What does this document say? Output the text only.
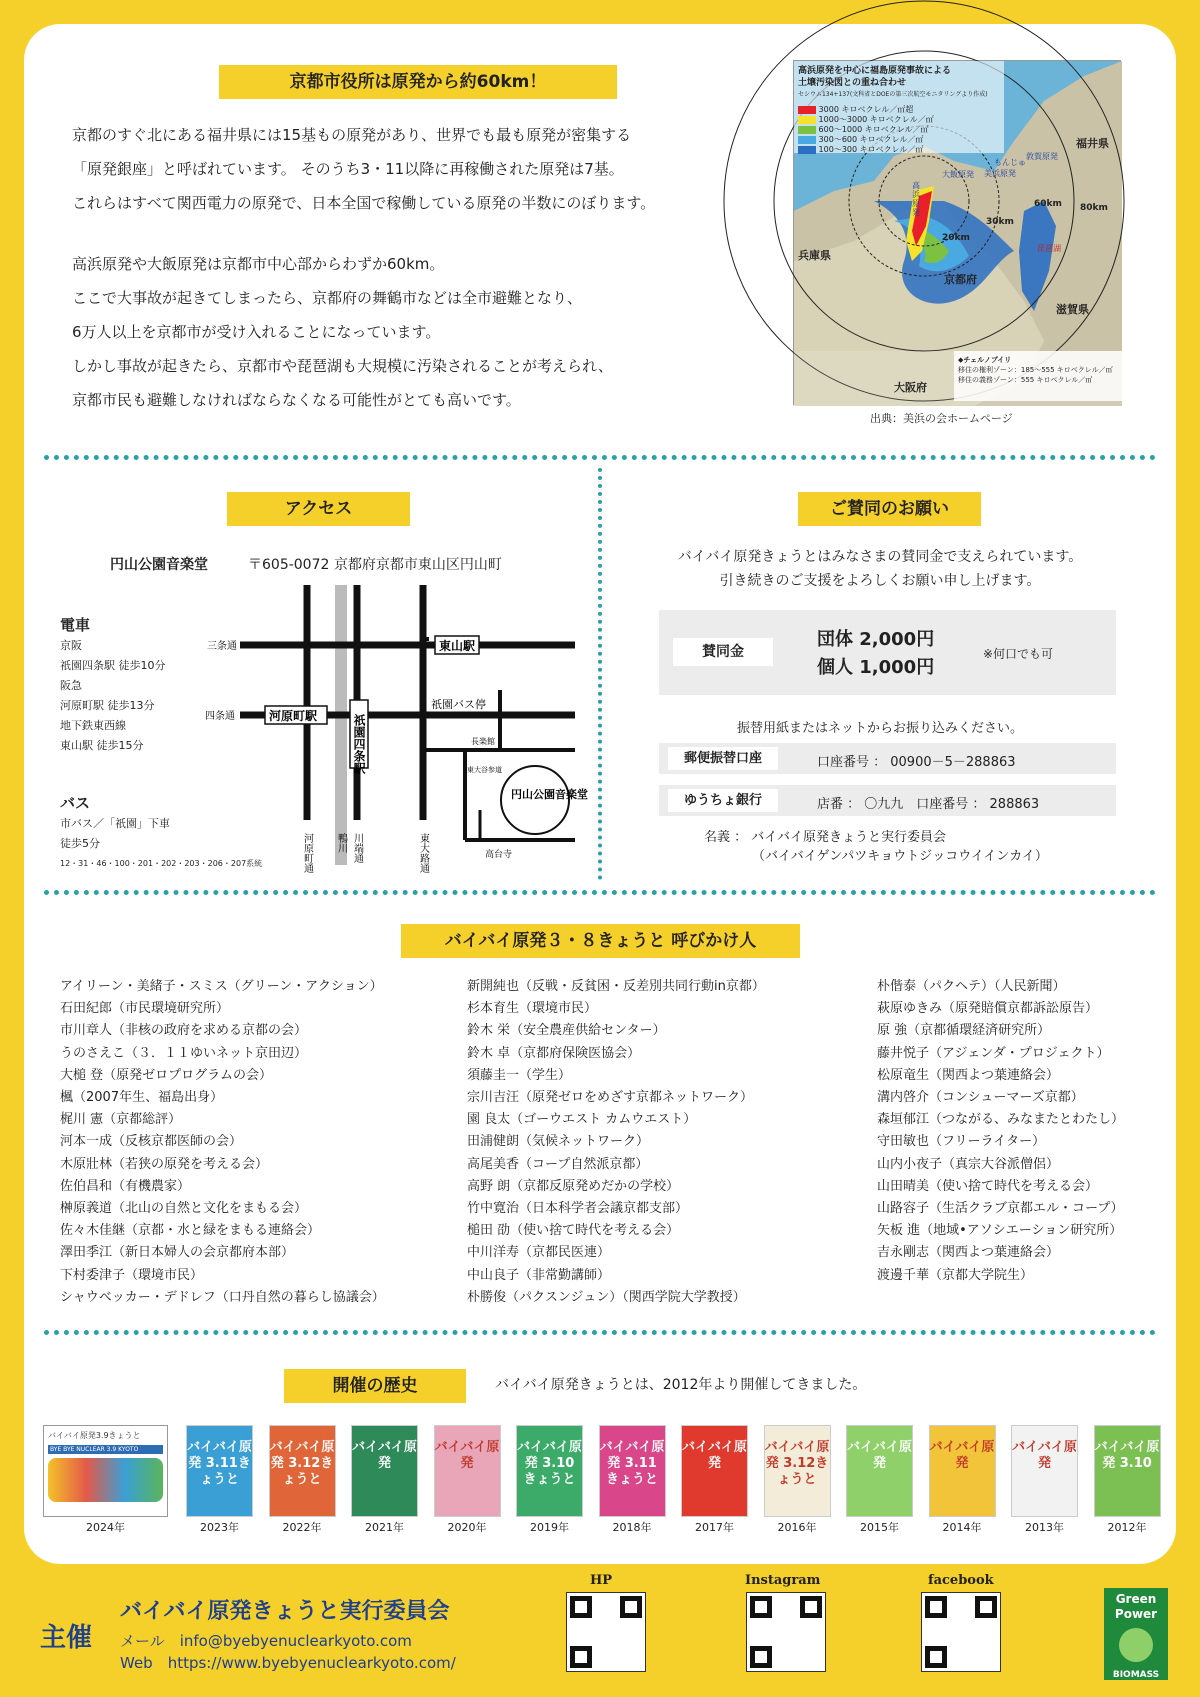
京都市役所は原発から約60km！
京都のすぐ北にある福井県には15基もの原発があり、世界でも最も原発が密集する
「原発銀座」と呼ばれています。 そのうち3・11以降に再稼働された原発は7基。
これらはすべて関西電力の原発で、日本全国で稼働している原発の半数にのぼります。
高浜原発や大飯原発は京都市中心部からわずか60km。
ここで大事故が起きてしまったら、京都府の舞鶴市などは全市避難となり、
6万人以上を京都市が受け入れることになっています。
しかし事故が起きたら、京都市や琵琶湖も大規模に汚染されることが考えられ、
京都市民も避難しなければならなくなる可能性がとても高いです。
高浜原発を中心に福島原発事故による
土壌汚染図との重ね合わせ
セシウム134+137(文科省とDOEの第三次航空モニタリングより作成)
3000 キロベクレル／㎡超
1000〜3000 キロベクレル／㎡
600〜1000 キロベクレル／㎡
300〜600 キロベクレル／㎡
100〜300 キロベクレル／㎡	福井県
もんじゅ
美浜原発
敦賀原発
大飯原発
高浜原発
兵庫県
京都府
滋賀県
大阪府
琵琶湖
20km
30km
60km 80km
◆チェルノブイリ
移住の権利ゾーン：185〜555 キロベクレル／㎡
移住の義務ゾーン：555 キロベクレル／㎡
出典：美浜の会ホームページ
アクセス
円山公園音楽堂	〒605-0072 京都府京都市東山区円山町
電車
京阪
祇園四条駅 徒歩10分
阪急
河原町駅 徒歩13分
地下鉄東西線
東山駅 徒歩15分
バス
市バス／「祇園」下車
徒歩5分
12・31・46・100・201・202・203・206・207系統
三条通
四条通
東山駅
河原町駅	祇園四条駅
祇園バス停
河原町通 鴨川 川端通	東大路通
長楽館
東大谷参道
円山公園音楽堂
高台寺
ご賛同のお願い
バイバイ原発きょうとはみなさまの賛同金で支えられています。
引き続きのご支援をよろしくお願い申し上げます。
賛同金
団体 2,000円
個人 1,000円
※何口でも可
振替用紙またはネットからお振り込みください。
郵便振替口座	口座番号 ： 00900－5－288863
ゆうちょ銀行	店番 ： 〇九九　口座番号 ： 288863
名義 ： バイバイ原発きょうと実行委員会
（バイバイゲンパツキョウトジッコウイインカイ）
バイバイ原発３・８きょうと 呼びかけ人
アイリーン・美緒子・スミス（グリーン・アクション）
石田紀郎（市民環境研究所）
市川章人（非核の政府を求める京都の会）
うのさえこ（３．１１ゆいネット京田辺）
大槌 登（原発ゼロプログラムの会）
楓（2007年生、福島出身）
梶川 憲（京都総評）
河本一成（反核京都医師の会）
木原壯林（若狭の原発を考える会）
佐伯昌和（有機農家）
榊原義道（北山の自然と文化をまもる会）
佐々木佳継（京都・水と緑をまもる連絡会）
澤田季江（新日本婦人の会京都府本部）
下村委津子（環境市民）
シャウベッカー・デドレフ（口丹自然の暮らし協議会）
新開純也（反戦・反貧困・反差別共同行動in京都）
杉本育生（環境市民）
鈴木 栄（安全農産供給センター）
鈴木 卓（京都府保険医協会）
須藤圭一（学生）
宗川吉汪（原発ゼロをめざす京都ネットワーク）
園 良太（ゴーウエスト カムウエスト）
田浦健朗（気候ネットワーク）
高尾美香（コープ自然派京都）
高野 朗（京都反原発めだかの学校）
竹中寛治（日本科学者会議京都支部）
槌田 劭（使い捨て時代を考える会）
中川洋寿（京都民医連）
中山良子（非常勤講師）
朴勝俊（パクスンジュン）（関西学院大学教授）
朴偕泰（パクヘテ）（人民新聞）
萩原ゆきみ（原発賠償京都訴訟原告）
原 強（京都循環経済研究所）
藤井悦子（アジェンダ・プロジェクト）
松原竜生（関西よつ葉連絡会）
溝内啓介（コンシューマーズ京都）
森垣郁江（つながる、みなまたとわたし）
守田敏也（フリーライター）
山内小夜子（真宗大谷派僧侶）
山田晴美（使い捨て時代を考える会）
山路容子（生活クラブ京都エル・コープ）
矢板 進（地域•アソシエーション研究所）
吉永剛志（関西よつ葉連絡会）
渡邊千華（京都大学院生）
開催の歴史	バイバイ原発きょうとは、2012年より開催してきました。
バイバイ原発3.9きょうと
BYE BYE NUCLEAR 3.9 KYOTO
2024年
バイバイ原発 3.11きょうと
2023年
バイバイ原発 3.12きょうと
2022年
バイバイ原発
2021年
バイバイ原発
2020年
バイバイ原発 3.10 きょうと
2019年
バイバイ原発 3.11 きょうと
2018年
バイバイ原発
2017年
バイバイ原発 3.12きょうと
2016年
バイバイ原発
2015年
バイバイ原発
2014年
バイバイ原発
2013年
バイバイ原発 3.10
2012年
主催
バイバイ原発きょうと実行委員会
メール　info@byebyenuclearkyoto.com
Web　https://www.byebyenuclearkyoto.com/
HP	Instagram	facebook
Green
Power
BIOMASS
